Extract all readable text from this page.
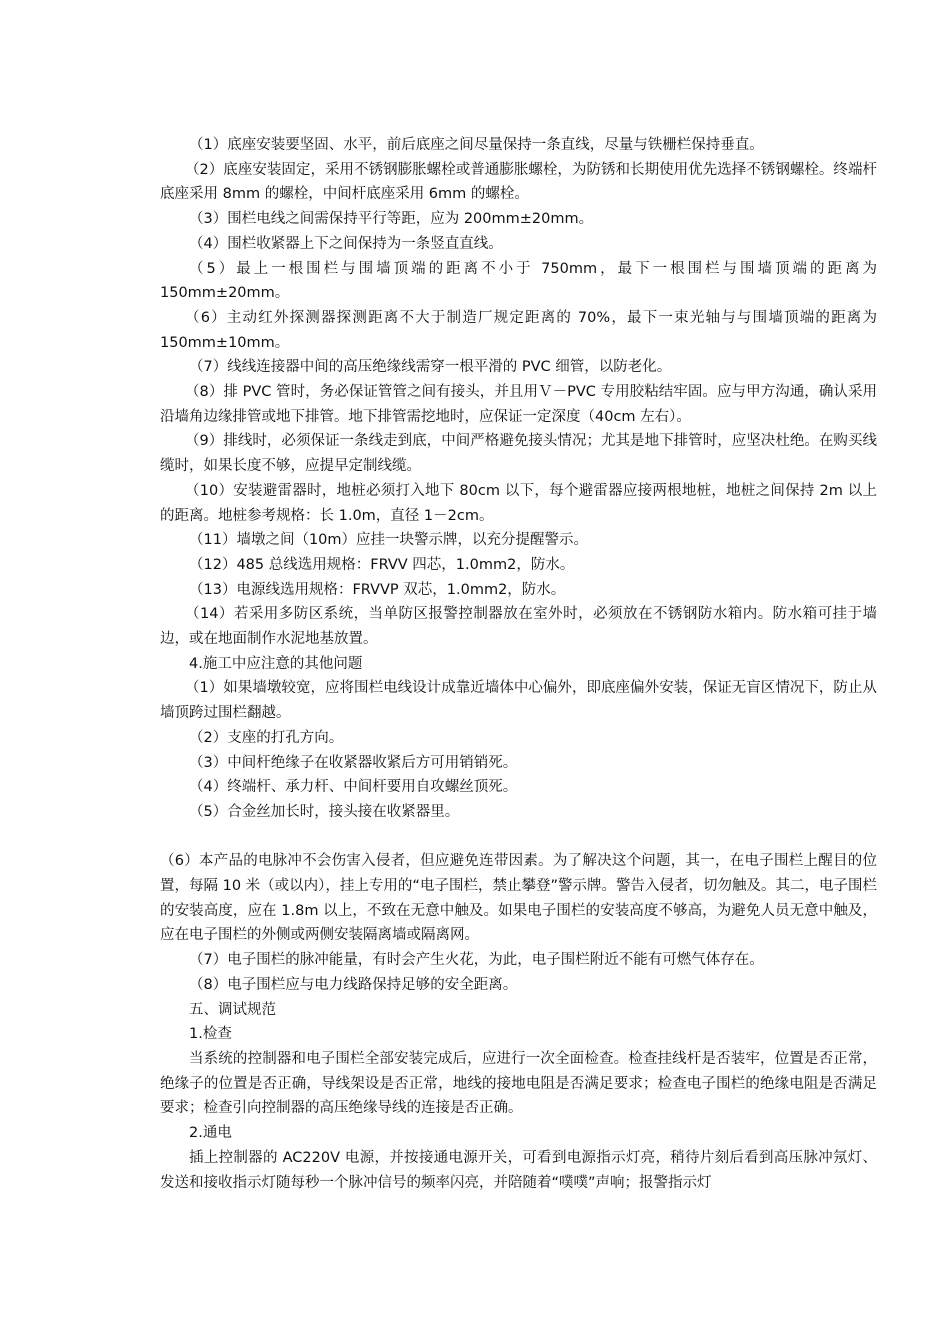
（1）底座安装要坚固、水平，前后底座之间尽量保持一条直线，尽量与铁栅栏保持垂直。

（2）底座安装固定，采用不锈钢膨胀螺栓或普通膨胀螺栓，为防锈和长期使用优先选择不锈钢螺栓。终端杆底座采用 8mm 的螺栓，中间杆底座采用 6mm 的螺栓。

（3）围栏电线之间需保持平行等距，应为 200mm±20mm。

（4）围栏收紧器上下之间保持为一条竖直直线。

（5）最上一根围栏与围墙顶端的距离不小于 750mm，最下一根围栏与围墙顶端的距离为 150mm±20mm。

（6）主动红外探测器探测距离不大于制造厂规定距离的 70%，最下一束光轴与与围墙顶端的距离为 150mm±10mm。

（7）线线连接器中间的高压绝缘线需穿一根平滑的 PVC 细管，以防老化。

（8）排 PVC 管时，务必保证管管之间有接头，并且用Ｖ－PVC 专用胶粘结牢固。应与甲方沟通，确认采用沿墙角边缘排管或地下排管。地下排管需挖地时，应保证一定深度（40cm 左右）。

（9）排线时，必须保证一条线走到底，中间严格避免接头情况；尤其是地下排管时，应坚决杜绝。在购买线缆时，如果长度不够，应提早定制线缆。

（10）安装避雷器时，地桩必须打入地下 80cm 以下，每个避雷器应接两根地桩，地桩之间保持 2m 以上的距离。地桩参考规格：长 1.0m，直径 1－2cm。

（11）墙墩之间（10m）应挂一块警示牌，以充分提醒警示。

（12）485 总线选用规格：FRVV 四芯，1.0mm2，防水。

（13）电源线选用规格：FRVVP 双芯，1.0mm2，防水。

（14）若采用多防区系统，当单防区报警控制器放在室外时，必须放在不锈钢防水箱内。防水箱可挂于墙边，或在地面制作水泥地基放置。

4.施工中应注意的其他问题

（1）如果墙墩较宽，应将围栏电线设计成靠近墙体中心偏外，即底座偏外安装，保证无盲区情况下，防止从墙顶跨过围栏翻越。

（2）支座的打孔方向。

（3）中间杆绝缘子在收紧器收紧后方可用销销死。

（4）终端杆、承力杆、中间杆要用自攻螺丝顶死。

（5）合金丝加长时，接头接在收紧器里。

（6）本产品的电脉冲不会伤害入侵者，但应避免连带因素。为了解决这个问题，其一，在电子围栏上醒目的位置，每隔 10 米（或以内），挂上专用的“电子围栏，禁止攀登”警示牌。警告入侵者，切勿触及。其二，电子围栏的安装高度，应在 1.8m 以上，不致在无意中触及。如果电子围栏的安装高度不够高，为避免人员无意中触及，应在电子围栏的外侧或两侧安装隔离墙或隔离网。

（7）电子围栏的脉冲能量，有时会产生火花，为此，电子围栏附近不能有可燃气体存在。

（8）电子围栏应与电力线路保持足够的安全距离。

五、调试规范

1.检查

当系统的控制器和电子围栏全部安装完成后，应进行一次全面检查。检查挂线杆是否装牢，位置是否正常，绝缘子的位置是否正确，导线架设是否正常，地线的接地电阻是否满足要求；检查电子围栏的绝缘电阻是否满足要求；检查引向控制器的高压绝缘导线的连接是否正确。

2.通电

插上控制器的 AC220V 电源，并按接通电源开关，可看到电源指示灯亮，稍待片刻后看到高压脉冲氖灯、发送和接收指示灯随每秒一个脉冲信号的频率闪亮，并陪随着“噗噗”声响；报警指示灯
